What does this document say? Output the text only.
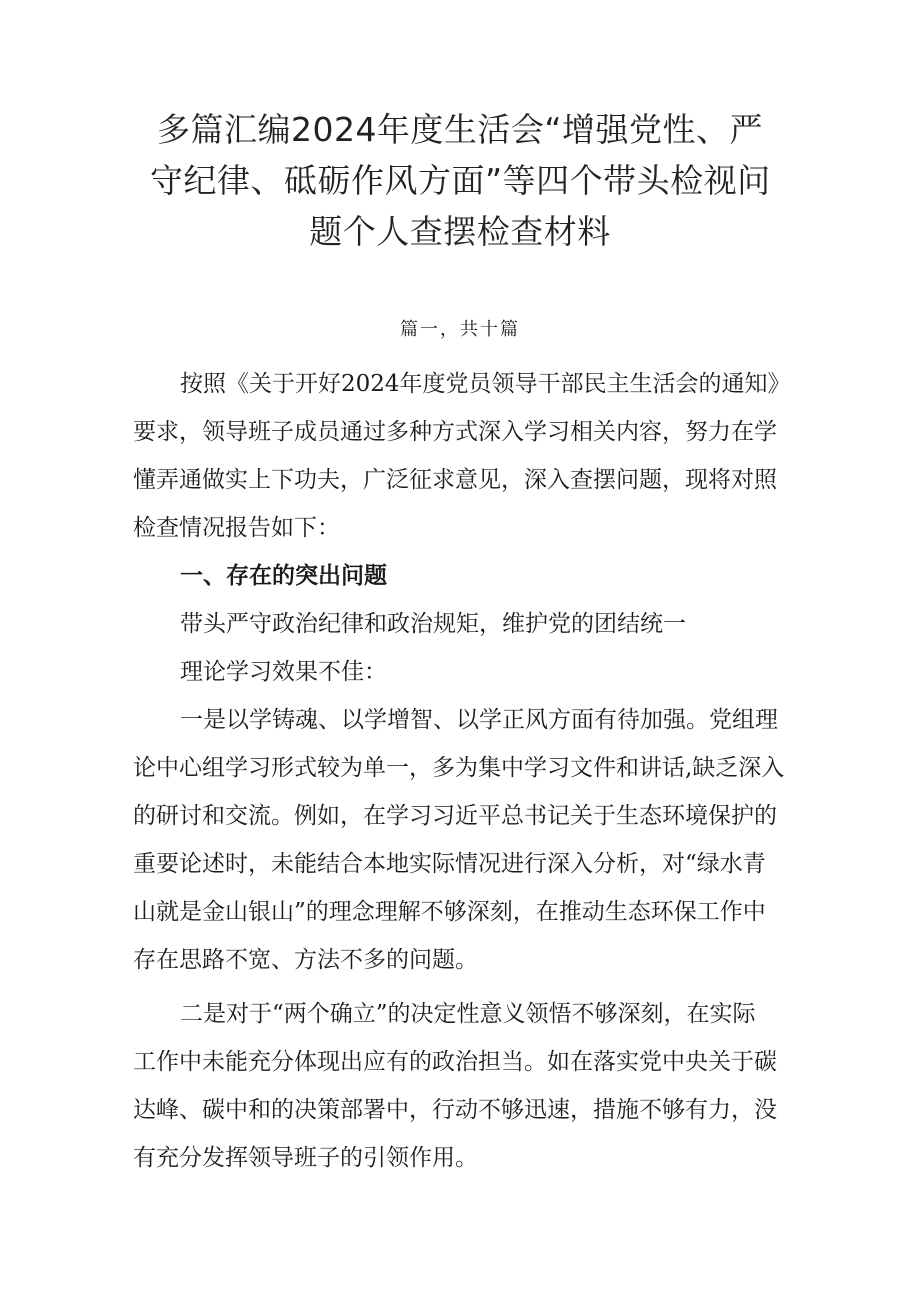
多篇汇编2024年度生活会“增强党性、严
守纪律、砥砺作风方面”等四个带头检视问
题个人查摆检查材料
篇一，共十篇
按照《关于开好2024年度党员领导干部民主生活会的通知》
要求，领导班子成员通过多种方式深入学习相关内容，努力在学
懂弄通做实上下功夫，广泛征求意见，深入查摆问题，现将对照
检查情况报告如下：
一、存在的突出问题
带头严守政治纪律和政治规矩，维护党的团结统一
理论学习效果不佳：
一是以学铸魂、以学增智、以学正风方面有待加强。党组理
论中心组学习形式较为单一，多为集中学习文件和讲话,缺乏深入
的研讨和交流。例如，在学习习近平总书记关于生态环境保护的
重要论述时，未能结合本地实际情况进行深入分析，对“绿水青
山就是金山银山”的理念理解不够深刻，在推动生态环保工作中
存在思路不宽、方法不多的问题。
二是对于“两个确立”的决定性意义领悟不够深刻，在实际
工作中未能充分体现出应有的政治担当。如在落实党中央关于碳
达峰、碳中和的决策部署中，行动不够迅速，措施不够有力，没
有充分发挥领导班子的引领作用。
